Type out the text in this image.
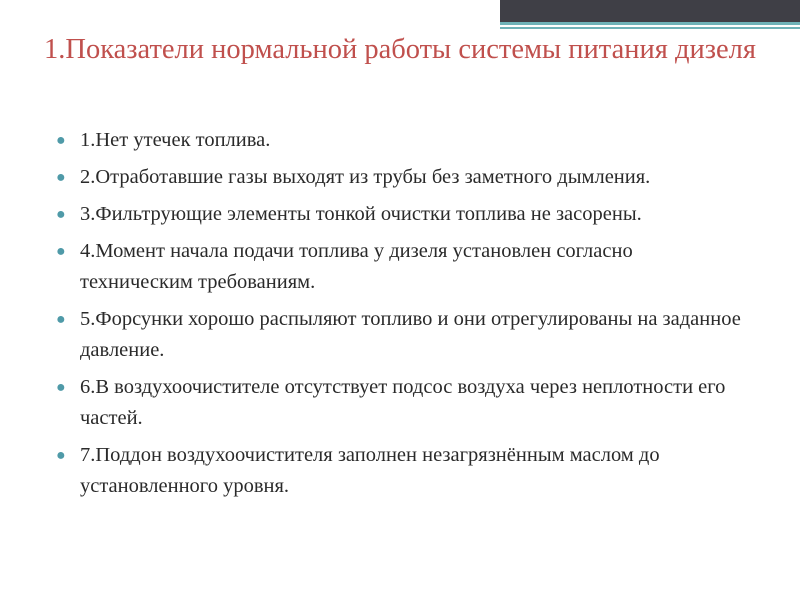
1.Показатели нормальной работы системы питания дизеля
● 1.Нет утечек топлива.
● 2.Отработавшие газы выходят из трубы без заметного дымления.
● 3.Фильтрующие элементы тонкой очистки топлива не засорены.
● 4.Момент начала подачи топлива у дизеля установлен согласно техническим требованиям.
● 5.Форсунки хорошо распыляют топливо и они отрегулированы на заданное давление.
● 6.В воздухоочистителе отсутствует подсос воздуха через неплотности его частей.
● 7.Поддон воздухоочистителя заполнен незагрязнённым маслом до установленного уровня.
